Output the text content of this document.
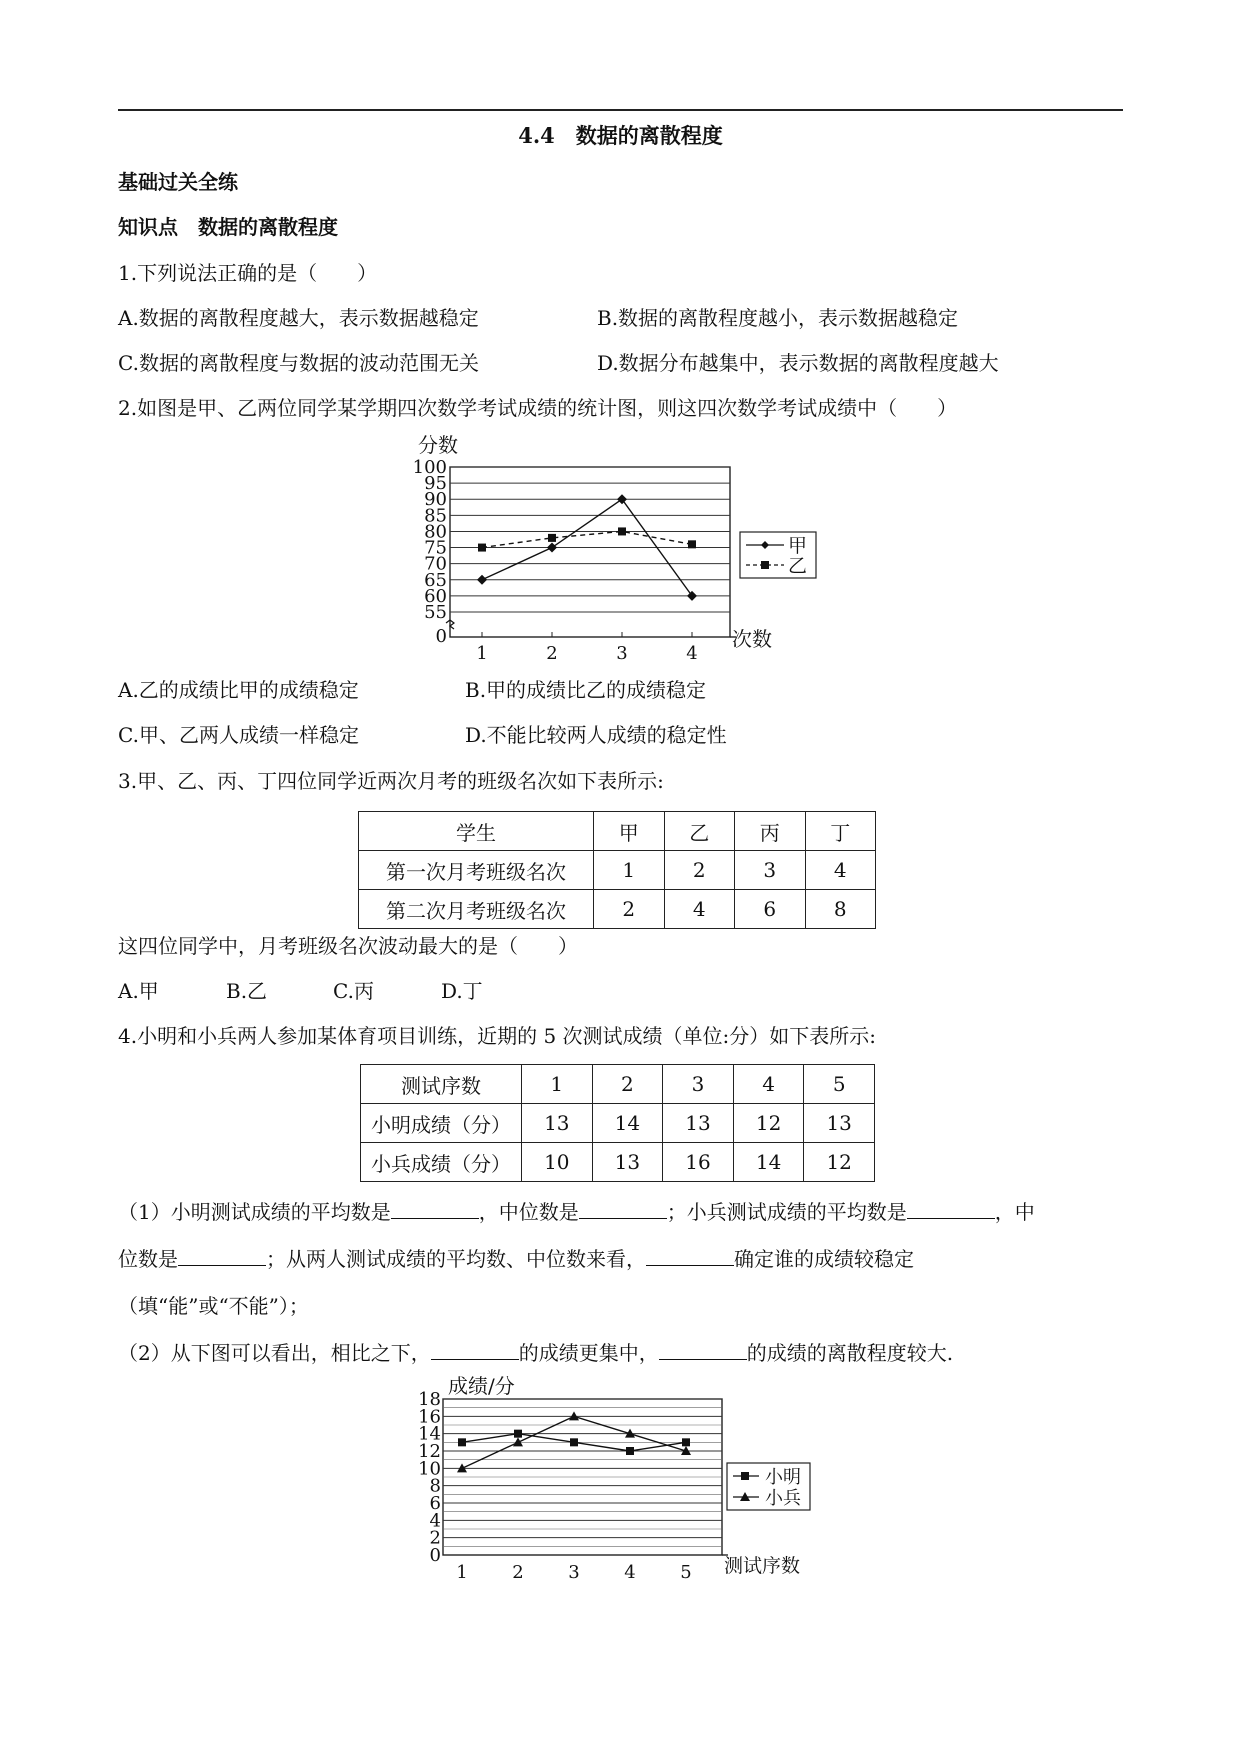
4.4　数据的离散程度
基础过关全练
知识点　数据的离散程度
1.下列说法正确的是（　　）
A.数据的离散程度越大，表示数据越稳定	B.数据的离散程度越小，表示数据越稳定
C.数据的离散程度与数据的波动范围无关	D.数据分布越集中，表示数据的离散程度越大
2.如图是甲、乙两位同学某学期四次数学考试成绩的统计图，则这四次数学考试成绩中（　　）
0
55
60
65
70
75
80
85
90
95
100
1	2	3	4
分数
次数
甲
乙
A.乙的成绩比甲的成绩稳定	B.甲的成绩比乙的成绩稳定
C.甲、乙两人成绩一样稳定	D.不能比较两人成绩的稳定性
3.甲、乙、丙、丁四位同学近两次月考的班级名次如下表所示:
学生	甲	乙	丙	丁
第一次月考班级名次	1	2	3	4
第二次月考班级名次	2	4	6	8
这四位同学中，月考班级名次波动最大的是（　　）
A.甲	B.乙	C.丙	D.丁
4.小明和小兵两人参加某体育项目训练，近期的 5 次测试成绩（单位:分）如下表所示:
测试序数	1	2	3	4	5
小明成绩（分）	13	14	13	12	13
小兵成绩（分）	10	13	16	14	12
（1）小明测试成绩的平均数是	，中位数是	；小兵测试成绩的平均数是	，中
位数是	；从两人测试成绩的平均数、中位数来看，	确定谁的成绩较稳定
（填“能”或“不能”）；
（2）从下图可以看出，相比之下，	的成绩更集中，	的成绩的离散程度较大.
0
2
4
6
8
10
12
14
16
18
1 2 3 4 5
成绩/分
测试序数
小明
小兵
